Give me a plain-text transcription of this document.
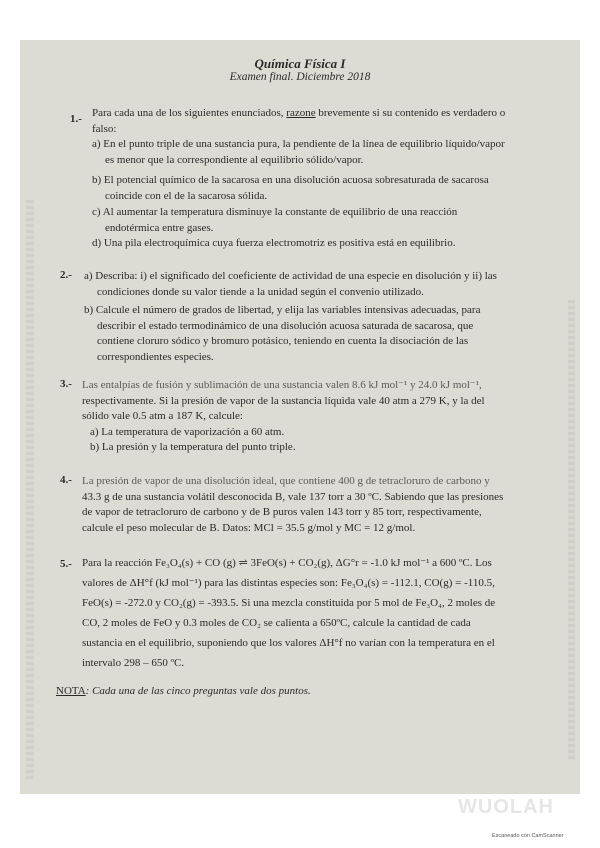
Química Física I
Examen final. Diciembre 2018
1.- Para cada una de los siguientes enunciados, razone brevemente si su contenido es verdadero o
falso:
a) En el punto triple de una sustancia pura, la pendiente de la línea de equilibrio líquido/vapor
es menor que la correspondiente al equilibrio sólido/vapor.
b) El potencial químico de la sacarosa en una disolución acuosa sobresaturada de sacarosa
coincide con el de la sacarosa sólida.
c) Al aumentar la temperatura disminuye la constante de equilibrio de una reacción
endotérmica entre gases.
d) Una pila electroquímica cuya fuerza electromotriz es positiva está en equilibrio.
2.- a) Describa: i) el significado del coeficiente de actividad de una especie en disolución y ii) las
condiciones donde su valor tiende a la unidad según el convenio utilizado.
b) Calcule el número de grados de libertad, y elija las variables intensivas adecuadas, para
describir el estado termodinámico de una disolución acuosa saturada de sacarosa, que
contiene cloruro sódico y bromuro potásico, teniendo en cuenta la disociación de las
correspondientes especies.
3.- Las entalpías de fusión y sublimación de una sustancia valen 8.6 kJ mol⁻¹ y 24.0 kJ mol⁻¹,
respectivamente. Si la presión de vapor de la sustancia líquida vale 40 atm a 279 K, y la del
sólido vale 0.5 atm a 187 K, calcule:
a) La temperatura de vaporización a 60 atm.
b) La presión y la temperatura del punto triple.
4.- La presión de vapor de una disolución ideal, que contiene 400 g de tetracloruro de carbono y
43.3 g de una sustancia volátil desconocida B, vale 137 torr a 30 ºC. Sabiendo que las presiones
de vapor de tetracloruro de carbono y de B puros valen 143 torr y 85 torr, respectivamente,
calcule el peso molecular de B. Datos: MCl = 35.5 g/mol y MC = 12 g/mol.
5.- Para la reacción Fe₃O₄(s) + CO (g) ⇌ 3FeO(s) + CO₂(g), ΔG°r = -1.0 kJ mol⁻¹ a 600 ºC. Los
valores de ΔH°f (kJ mol⁻¹) para las distintas especies son: Fe₃O₄(s) = -112.1, CO(g) = -110.5,
FeO(s) = -272.0 y CO₂(g) = -393.5. Si una mezcla constituida por 5 mol de Fe₃O₄, 2 moles de
CO, 2 moles de FeO y 0.3 moles de CO₂ se calienta a 650ºC, calcule la cantidad de cada
sustancia en el equilibrio, suponiendo que los valores ΔH°f no varían con la temperatura en el
intervalo 298 – 650 ºC.
NOTA: Cada una de las cinco preguntas vale dos puntos.
WUOLAH
Escaneado con CamScanner
